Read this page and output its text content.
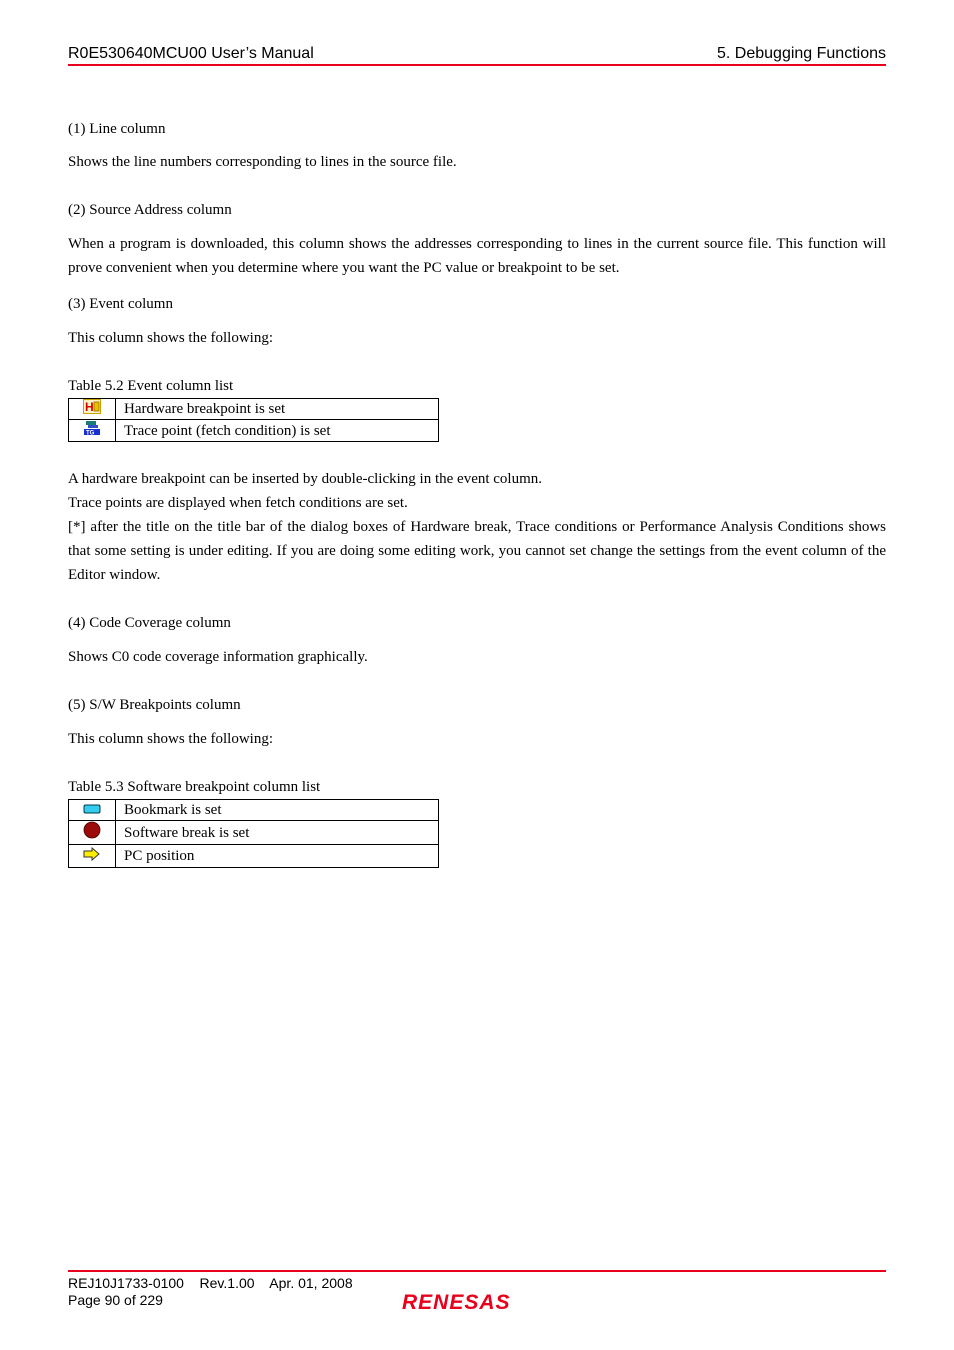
R0E530640MCU00 User’s Manual	5. Debugging Functions
(1) Line column
Shows the line numbers corresponding to lines in the source file.
(2) Source Address column
When a program is downloaded, this column shows the addresses corresponding to lines in the current source file. This function will prove convenient when you determine where you want the PC value or breakpoint to be set.
(3) Event column
This column shows the following:
Table 5.2 Event column list
H	Hardware breakpoint is set

TG	Trace point (fetch condition) is set
A hardware breakpoint can be inserted by double-clicking in the event column.
Trace points are displayed when fetch conditions are set.
[*] after the title on the title bar of the dialog boxes of Hardware break, Trace conditions or Performance Analysis Conditions shows that some setting is under editing. If you are doing some editing work, you cannot set change the settings from the event column of the Editor window.
(4) Code Coverage column
Shows C0 code coverage information graphically.
(5) S/W Breakpoints column
This column shows the following:
Table 5.3 Software breakpoint column list
	Bookmark is set
	Software break is set
	PC position
REJ10J1733-0100    Rev.1.00    Apr. 01, 2008
Page 90 of 229	RENESAS
